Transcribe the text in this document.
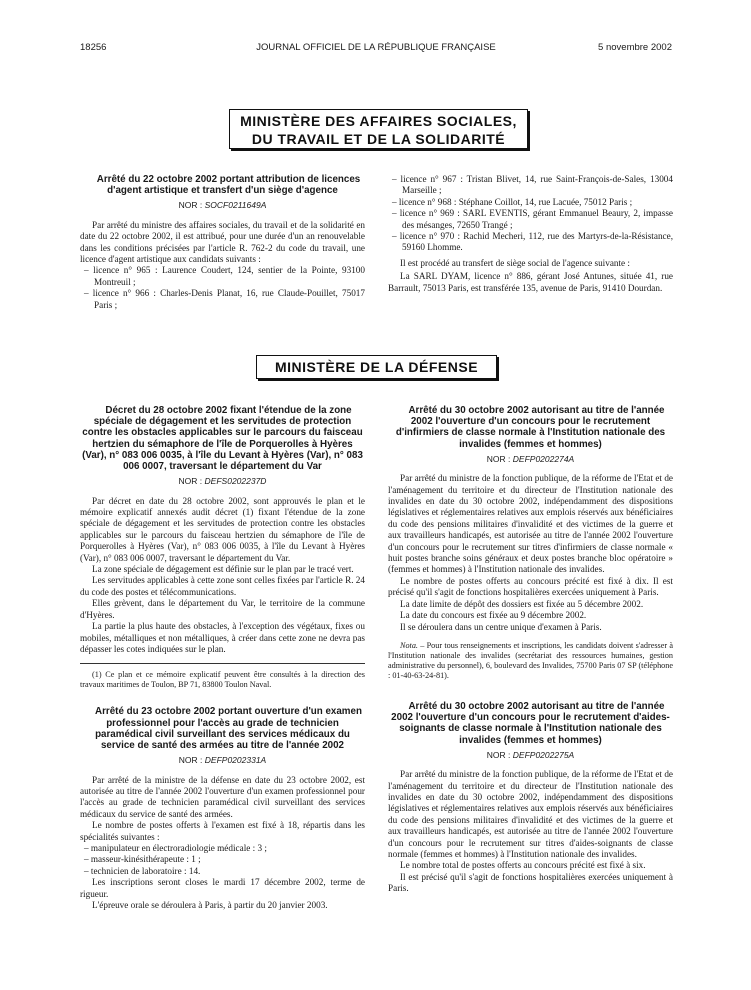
18256	JOURNAL OFFICIEL DE LA RÉPUBLIQUE FRANÇAISE	5 novembre 2002
MINISTÈRE DES AFFAIRES SOCIALES,
DU TRAVAIL ET DE LA SOLIDARITÉ

Arrêté du 22 octobre 2002 portant attribution de licences d'agent artistique et transfert d'un siège d'agence

NOR : SOCF0211649A

Par arrêté du ministre des affaires sociales, du travail et de la solidarité en date du 22 octobre 2002, il est attribué, pour une durée d'un an renouvelable dans les conditions précisées par l'article R. 762-2 du code du travail, une licence d'agent artistique aux candidats suivants :

– licence n° 965 : Laurence Coudert, 124, sentier de la Pointe, 93100 Montreuil ;

– licence n° 966 : Charles-Denis Planat, 16, rue Claude-Pouillet, 75017 Paris ;

– licence n° 967 : Tristan Blivet, 14, rue Saint-François-de-Sales, 13004 Marseille ;

– licence n° 968 : Stéphane Coillot, 14, rue Lacuée, 75012 Paris ;

– licence n° 969 : SARL EVENTIS, gérant Emmanuel Beaury, 2, impasse des mésanges, 72650 Trangé ;

– licence n° 970 : Rachid Mecheri, 112, rue des Martyrs-de-la-Résistance, 59160 Lhomme.

Il est procédé au transfert de siège social de l'agence suivante :

La SARL DYAM, licence n° 886, gérant José Antunes, située 41, rue Barrault, 75013 Paris, est transférée 135, avenue de Paris, 91410 Dourdan.

MINISTÈRE DE LA DÉFENSE

Décret du 28 octobre 2002 fixant l'étendue de la zone spéciale de dégagement et les servitudes de protection contre les obstacles applicables sur le parcours du faisceau hertzien du sémaphore de l'île de Porquerolles à Hyères (Var), n° 083 006 0035, à l'île du Levant à Hyères (Var), n° 083 006 0007, traversant le département du Var

NOR : DEFS0202237D

Par décret en date du 28 octobre 2002, sont approuvés le plan et le mémoire explicatif annexés audit décret (1) fixant l'étendue de la zone spéciale de dégagement et les servitudes de protection contre les obstacles applicables sur le parcours du faisceau hertzien du sémaphore de l'île de Porquerolles à Hyères (Var), n° 083 006 0035, à l'île du Levant à Hyères (Var), n° 083 006 0007, traversant le département du Var.

La zone spéciale de dégagement est définie sur le plan par le tracé vert.

Les servitudes applicables à cette zone sont celles fixées par l'article R. 24 du code des postes et télécommunications.

Elles grèvent, dans le département du Var, le territoire de la commune d'Hyères.

La partie la plus haute des obstacles, à l'exception des végétaux, fixes ou mobiles, métalliques et non métalliques, à créer dans cette zone ne devra pas dépasser les cotes indiquées sur le plan.

(1) Ce plan et ce mémoire explicatif peuvent être consultés à la direction des travaux maritimes de Toulon, BP 71, 83800 Toulon Naval.

Arrêté du 23 octobre 2002 portant ouverture d'un examen professionnel pour l'accès au grade de technicien paramédical civil surveillant des services médicaux du service de santé des armées au titre de l'année 2002

NOR : DEFP0202331A

Par arrêté de la ministre de la défense en date du 23 octobre 2002, est autorisée au titre de l'année 2002 l'ouverture d'un examen professionnel pour l'accès au grade de technicien paramédical civil surveillant des services médicaux du service de santé des armées.

Le nombre de postes offerts à l'examen est fixé à 18, répartis dans les spécialités suivantes :

– manipulateur en électroradiologie médicale : 3 ;

– masseur-kinésithérapeute : 1 ;

– technicien de laboratoire : 14.

Les inscriptions seront closes le mardi 17 décembre 2002, terme de rigueur.

L'épreuve orale se déroulera à Paris, à partir du 20 janvier 2003.

Arrêté du 30 octobre 2002 autorisant au titre de l'année 2002 l'ouverture d'un concours pour le recrutement d'infirmiers de classe normale à l'Institution nationale des invalides (femmes et hommes)

NOR : DEFP0202274A

Par arrêté du ministre de la fonction publique, de la réforme de l'Etat et de l'aménagement du territoire et du directeur de l'Institution nationale des invalides en date du 30 octobre 2002, indépendamment des dispositions législatives et réglementaires relatives aux emplois réservés aux bénéficiaires du code des pensions militaires d'invalidité et des victimes de la guerre et aux travailleurs handicapés, est autorisée au titre de l'année 2002 l'ouverture d'un concours pour le recrutement sur titres d'infirmiers de classe normale « huit postes branche soins généraux et deux postes branche bloc opératoire » (femmes et hommes) à l'Institution nationale des invalides.

Le nombre de postes offerts au concours précité est fixé à dix. Il est précisé qu'il s'agit de fonctions hospitalières exercées uniquement à Paris.

La date limite de dépôt des dossiers est fixée au 5 décembre 2002.

La date du concours est fixée au 9 décembre 2002.

Il se déroulera dans un centre unique d'examen à Paris.

Nota. – Pour tous renseignements et inscriptions, les candidats doivent s'adresser à l'Institution nationale des invalides (secrétariat des ressources humaines, gestion administrative du personnel), 6, boulevard des Invalides, 75700 Paris 07 SP (téléphone : 01-40-63-24-81).

Arrêté du 30 octobre 2002 autorisant au titre de l'année 2002 l'ouverture d'un concours pour le recrutement d'aides-soignants de classe normale à l'Institution nationale des invalides (femmes et hommes)

NOR : DEFP0202275A

Par arrêté du ministre de la fonction publique, de la réforme de l'Etat et de l'aménagement du territoire et du directeur de l'Institution nationale des invalides en date du 30 octobre 2002, indépendamment des dispositions législatives et réglementaires relatives aux emplois réservés aux bénéficiaires du code des pensions militaires d'invalidité et des victimes de la guerre et aux travailleurs handicapés, est autorisée au titre de l'année 2002 l'ouverture d'un concours pour le recrutement sur titres d'aides-soignants de classe normale (femmes et hommes) à l'Institution nationale des invalides.

Le nombre total de postes offerts au concours précité est fixé à six.

Il est précisé qu'il s'agit de fonctions hospitalières exercées uniquement à Paris.
